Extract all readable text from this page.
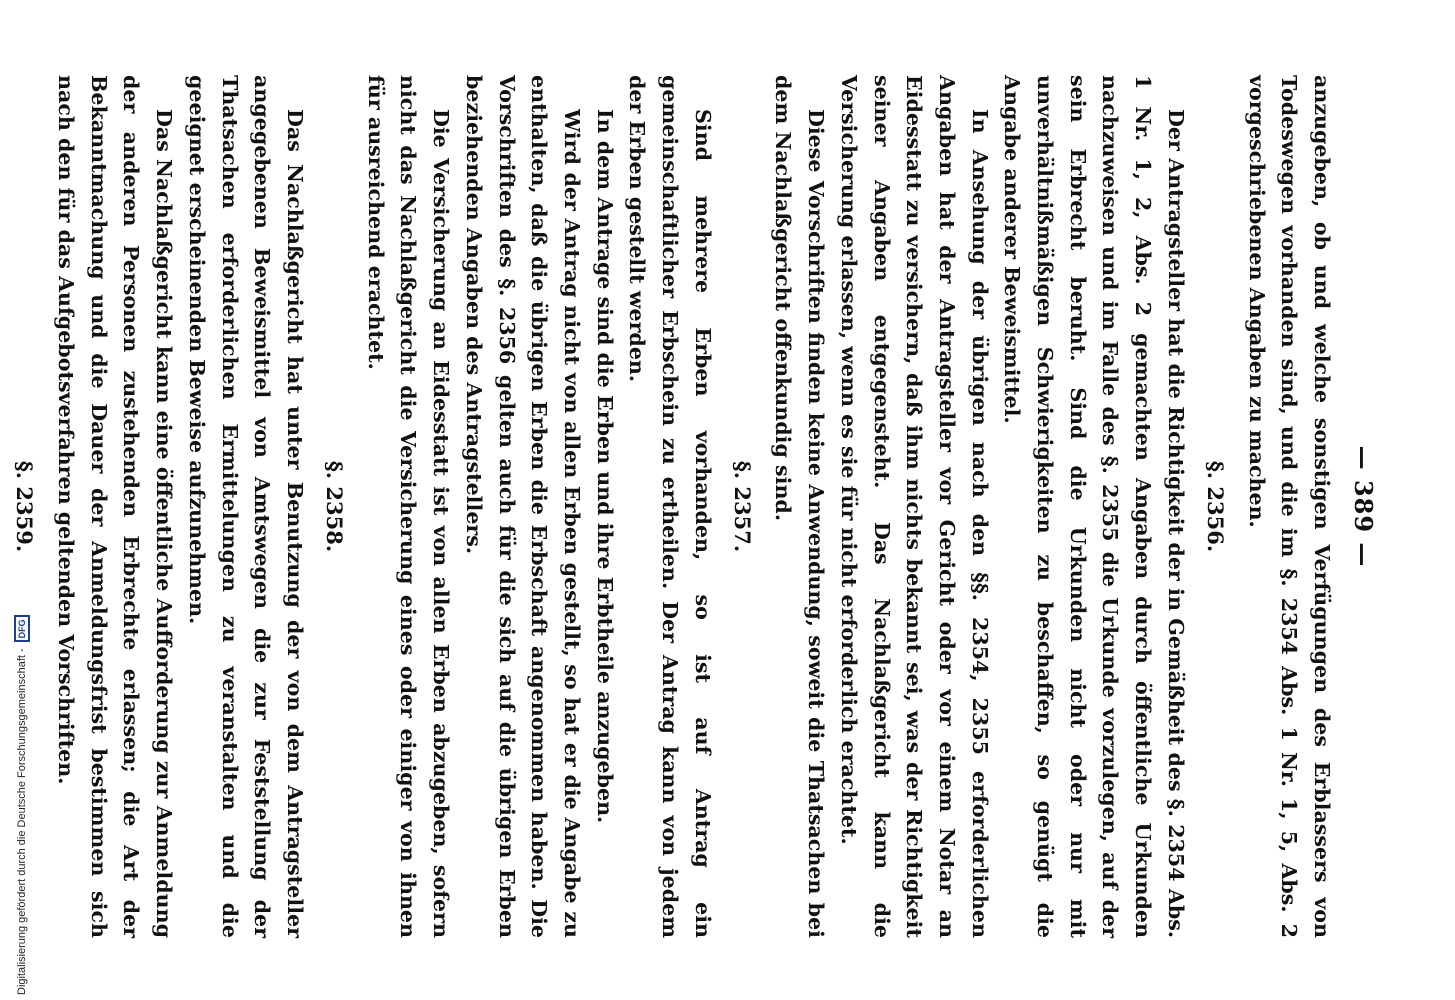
— 389 —

anzugeben, ob und welche sonstigen Verfügungen des Erblassers von Todeswegen vorhanden sind, und die im §. 2354 Abs. 1 Nr. 1, 5, Abs. 2 vorgeschriebenen Angaben zu machen.

§. 2356.

Der Antragsteller hat die Richtigkeit der in Gemäßheit des §. 2354 Abs. 1 Nr. 1, 2, Abs. 2 gemachten Angaben durch öffentliche Urkunden nachzuweisen und im Falle des §. 2355 die Urkunde vorzulegen, auf der sein Erbrecht beruht. Sind die Urkunden nicht oder nur mit unverhältnißmäßigen Schwierigkeiten zu beschaffen, so genügt die Angabe anderer Beweismittel.

In Ansehung der übrigen nach den §§. 2354, 2355 erforderlichen Angaben hat der Antragsteller vor Gericht oder vor einem Notar an Eidesstatt zu versichern, daß ihm nichts bekannt sei, was der Richtigkeit seiner Angaben entgegensteht. Das Nachlaßgericht kann die Versicherung erlassen, wenn es sie für nicht erforderlich erachtet.

Diese Vorschriften finden keine Anwendung, soweit die Thatsachen bei dem Nachlaßgericht offenkundig sind.

§. 2357.

Sind mehrere Erben vorhanden, so ist auf Antrag ein gemeinschaftlicher Erbschein zu ertheilen. Der Antrag kann von jedem der Erben gestellt werden.

In dem Antrage sind die Erben und ihre Erbtheile anzugeben.

Wird der Antrag nicht von allen Erben gestellt, so hat er die Angabe zu enthalten, daß die übrigen Erben die Erbschaft angenommen haben. Die Vorschriften des §. 2356 gelten auch für die sich auf die übrigen Erben beziehenden Angaben des Antragstellers.

Die Versicherung an Eidesstatt ist von allen Erben abzugeben, sofern nicht das Nachlaßgericht die Versicherung eines oder einiger von ihnen für ausreichend erachtet.

§. 2358.

Das Nachlaßgericht hat unter Benutzung der von dem Antragsteller angegebenen Beweismittel von Amtswegen die zur Feststellung der Thatsachen erforderlichen Ermittelungen zu veranstalten und die geeignet erscheinenden Beweise aufzunehmen.

Das Nachlaßgericht kann eine öffentliche Aufforderung zur Anmeldung der anderen Personen zustehenden Erbrechte erlassen; die Art der Bekanntmachung und die Dauer der Anmeldungsfrist bestimmen sich nach den für das Aufgebotsverfahren geltenden Vorschriften.

§. 2359.

Digitalisierung gefördert durch die Deutsche Forschungsgemeinschaft -
DFG
